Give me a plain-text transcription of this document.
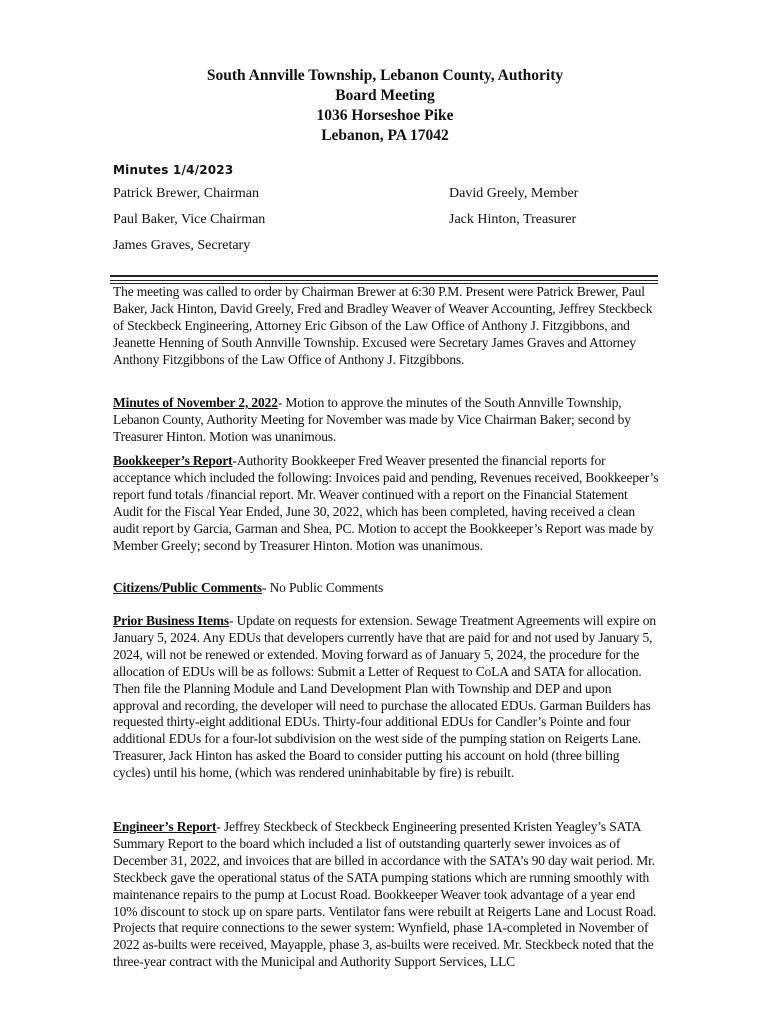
South Annville Township, Lebanon County, Authority
Board Meeting
1036 Horseshoe Pike
Lebanon, PA 17042
Minutes 1/4/2023
Patrick Brewer, Chairman	David Greely, Member
Paul Baker, Vice Chairman	Jack Hinton, Treasurer
James Graves, Secretary
The meeting was called to order by Chairman Brewer at 6:30 P.M. Present were Patrick Brewer, Paul Baker, Jack Hinton, David Greely, Fred and Bradley Weaver of Weaver Accounting, Jeffrey Steckbeck of Steckbeck Engineering, Attorney Eric Gibson of the Law Office of Anthony J. Fitzgibbons, and Jeanette Henning of South Annville Township. Excused were Secretary James Graves and Attorney Anthony Fitzgibbons of the Law Office of Anthony J. Fitzgibbons.
Minutes of November 2, 2022- Motion to approve the minutes of the South Annville Township, Lebanon County, Authority Meeting for November was made by Vice Chairman Baker; second by Treasurer Hinton. Motion was unanimous.
Bookkeeper’s Report-Authority Bookkeeper Fred Weaver presented the financial reports for acceptance which included the following: Invoices paid and pending, Revenues received, Bookkeeper’s report fund totals /financial report. Mr. Weaver continued with a report on the Financial Statement Audit for the Fiscal Year Ended, June 30, 2022, which has been completed, having received a clean audit report by Garcia, Garman and Shea, PC. Motion to accept the Bookkeeper’s Report was made by Member Greely; second by Treasurer Hinton. Motion was unanimous.
Citizens/Public Comments- No Public Comments
Prior Business Items- Update on requests for extension. Sewage Treatment Agreements will expire on January 5, 2024. Any EDUs that developers currently have that are paid for and not used by January 5, 2024, will not be renewed or extended. Moving forward as of January 5, 2024, the procedure for the allocation of EDUs will be as follows: Submit a Letter of Request to CoLA and SATA for allocation. Then file the Planning Module and Land Development Plan with Township and DEP and upon approval and recording, the developer will need to purchase the allocated EDUs. Garman Builders has requested thirty-eight additional EDUs. Thirty-four additional EDUs for Candler’s Pointe and four additional EDUs for a four-lot subdivision on the west side of the pumping station on Reigerts Lane. Treasurer, Jack Hinton has asked the Board to consider putting his account on hold (three billing cycles) until his home, (which was rendered uninhabitable by fire) is rebuilt.
Engineer’s Report- Jeffrey Steckbeck of Steckbeck Engineering presented Kristen Yeagley’s SATA Summary Report to the board which included a list of outstanding quarterly sewer invoices as of December 31, 2022, and invoices that are billed in accordance with the SATA’s 90 day wait period. Mr. Steckbeck gave the operational status of the SATA pumping stations which are running smoothly with maintenance repairs to the pump at Locust Road. Bookkeeper Weaver took advantage of a year end 10% discount to stock up on spare parts. Ventilator fans were rebuilt at Reigerts Lane and Locust Road. Projects that require connections to the sewer system: Wynfield, phase 1A-completed in November of 2022 as-builts were received, Mayapple, phase 3, as-builts were received. Mr. Steckbeck noted that the three-year contract with the Municipal and Authority Support Services, LLC
